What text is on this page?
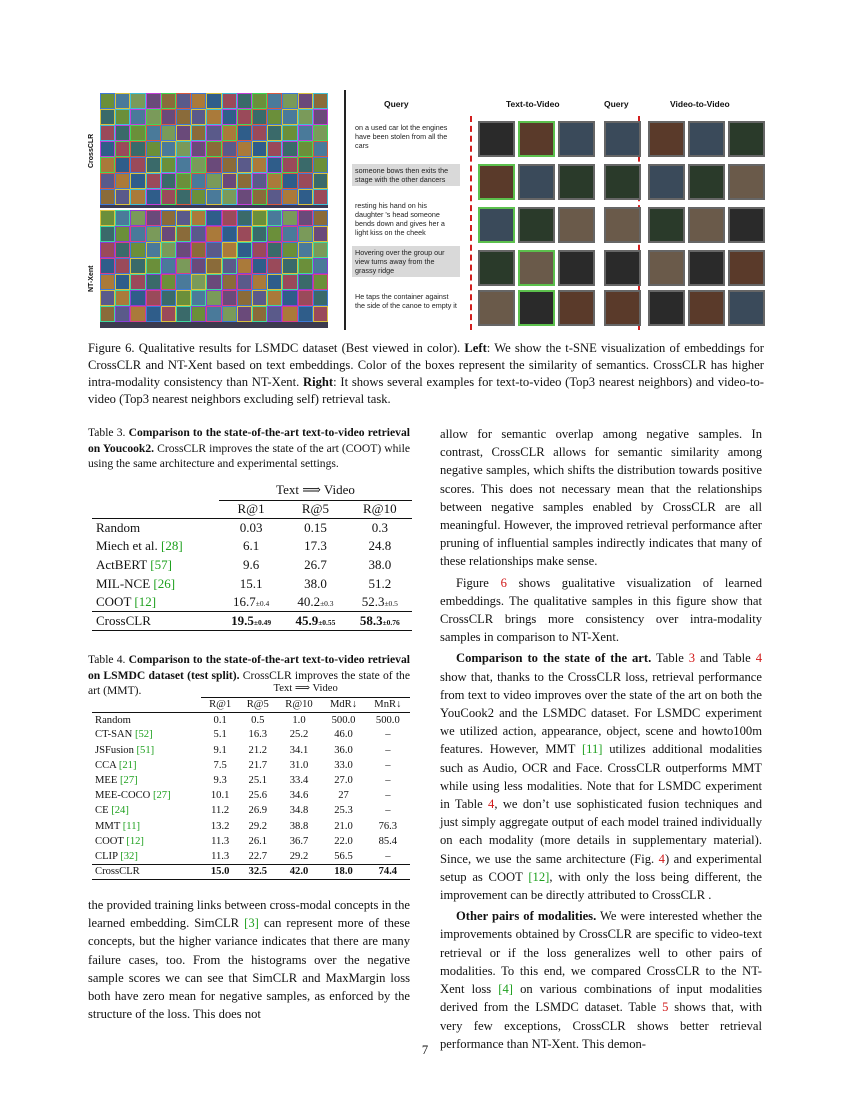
CrossCLR
NT-Xent
Query	Text-to-Video	Query	Video-to-Video
on a used car lot the engines have been stolen from all the cars
someone bows then exits the stage with the other dancers
resting his hand on his daughter 's head someone bends down and gives her a light kiss on the cheek
Hovering over the group our view turns away from the grassy ridge
He taps the container against the side of the canoe to empty it
Figure 6. Qualitative results for LSMDC dataset (Best viewed in color). Left: We show the t-SNE visualization of embeddings for CrossCLR and NT-Xent based on text embeddings. Color of the boxes represent the similarity of semantics. CrossCLR has higher intra-modality consistency than NT-Xent. Right: It shows several examples for text-to-video (Top3 nearest neighbors) and video-to-video (Top3 nearest neighbors excluding self) retrieval task.
Table 3. Comparison to the state-of-the-art text-to-video retrieval on Youcook2. CrossCLR improves the state of the art (COOT) while using the same architecture and experimental settings.
	Text ⟹ Video		
	R@1	R@5	R@10
Random	0.03	0.15	0.3
Miech et al. [28]	6.1	17.3	24.8
ActBERT [57]	9.6	26.7	38.0
MIL-NCE [26]	15.1	38.0	51.2
COOT [12]	16.7±0.4	40.2±0.3	52.3±0.5
CrossCLR	19.5±0.49	45.9±0.55	58.3±0.76
Table 4. Comparison to the state-of-the-art text-to-video retrieval on LSMDC dataset (test split). CrossCLR improves the state of the art (MMT).
		Text ⟹ Video				
	R@1	R@5	R@10	MdR↓	MnR↓
Random	0.1	0.5	1.0	500.0	500.0
CT-SAN [52]	5.1	16.3	25.2	46.0	–
JSFusion [51]	9.1	21.2	34.1	36.0	–
CCA [21]	7.5	21.7	31.0	33.0	–
MEE [27]	9.3	25.1	33.4	27.0	–
MEE-COCO [27]	10.1	25.6	34.6	27	–
CE [24]	11.2	26.9	34.8	25.3	–
MMT [11]	13.2	29.2	38.8	21.0	76.3
COOT [12]	11.3	26.1	36.7	22.0	85.4
CLIP [32]	11.3	22.7	29.2	56.5	–
CrossCLR	15.0	32.5	42.0	18.0	74.4
the provided training links between cross-modal concepts in the learned embedding. SimCLR [3] can represent more of these concepts, but the higher variance indicates that there are many failure cases, too. From the histograms over the negative sample scores we can see that SimCLR and MaxMargin loss both have zero mean for negative samples, as enforced by the structure of the loss. This does not

allow for semantic overlap among negative samples. In contrast, CrossCLR allows for semantic similarity among negative samples, which shifts the distribution towards positive scores. This does not necessary mean that the relationships between negative samples enabled by CrossCLR are all meaningful. However, the improved retrieval performance after pruning of influential samples indirectly indicates that many of these relationships make sense.

Figure 6 shows gualitative visualization of learned embeddings. The qualitative samples in this figure show that CrossCLR brings more consistency over intra-modality samples in comparison to NT-Xent.

Comparison to the state of the art. Table 3 and Table 4 show that, thanks to the CrossCLR loss, retrieval performance from text to video improves over the state of the art on both the YouCook2 and the LSMDC dataset. For LSMDC experiment we utilized action, appearance, object, scene and howto100m features. However, MMT [11] utilizes additional modalities such as Audio, OCR and Face. CrossCLR outperforms MMT while using less modalities. Note that for LSMDC experiment in Table 4, we don’t use sophisticated fusion techniques and just simply aggregate output of each model trained individually on each modality (more details in supplementary material). Since, we use the same architecture (Fig. 4) and experimental setup as COOT [12], with only the loss being different, the improvement can be directly attributed to CrossCLR .

Other pairs of modalities. We were interested whether the improvements obtained by CrossCLR are specific to video-text retrieval or if the loss generalizes well to other pairs of modalities. To this end, we compared CrossCLR to the NT-Xent loss [4] on various combinations of input modalities derived from the LSMDC dataset. Table 5 shows that, with very few exceptions, CrossCLR shows better retrieval performance than NT-Xent. This demon-

7
